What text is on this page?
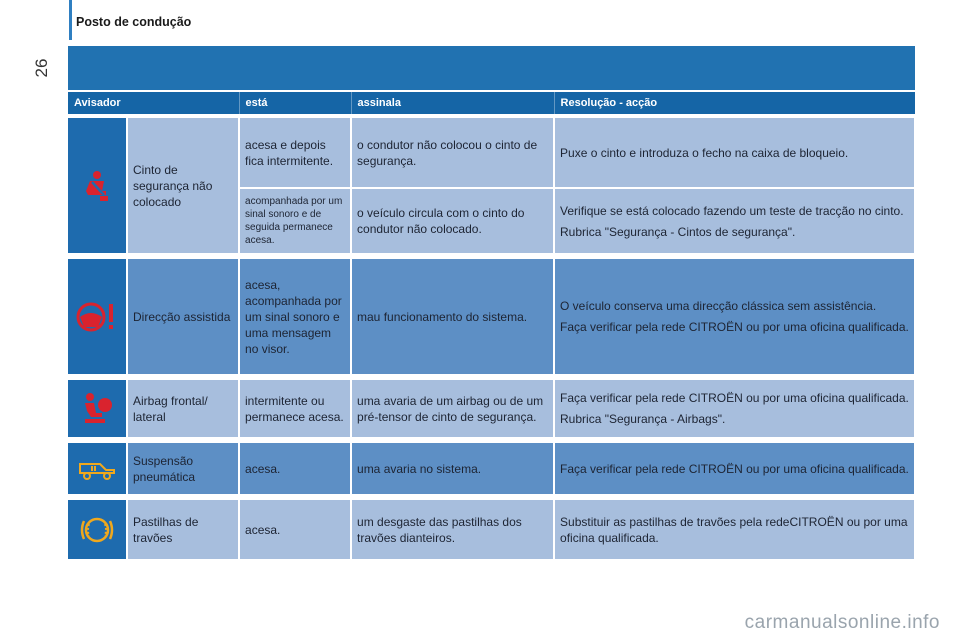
Posto de condução
26
Avisador		está	assinala	Resolução - acção

	Cinto de segurança não colocado	acesa e depois fica intermitente.	o condutor não colocou o cinto de segurança.	Puxe o cinto e introduza o fecho na caixa de bloqueio.

		acompanhada por um sinal sonoro e de seguida permanece acesa.	o veículo circula com o cinto do condutor não colocado.	Verifique se está colocado fazendo um teste de tracção no cinto.

Rubrica "Segurança - Cintos de segurança".

	Direcção assistida	acesa, acompanhada por um sinal sonoro e uma mensagem no visor.	mau funcionamento do sistema.	O veículo conserva uma direcção clássica sem assistência.

Faça verificar pela rede CITROËN ou por uma oficina qualificada.

	Airbag frontal/ lateral	intermitente ou permanece acesa.	uma avaria de um airbag ou de um pré-tensor de cinto de segurança.	Faça verificar pela rede CITROËN ou por uma oficina qualificada.

Rubrica "Segurança - Airbags".

	Suspensão pneumática	acesa.	uma avaria no sistema.	Faça verificar pela rede CITROËN ou por uma oficina qualificada.

	Pastilhas de travões	acesa.	um desgaste das pastilhas dos travões dianteiros.	Substituir as pastilhas de travões pela redeCITROËN ou por uma oficina qualificada.

carmanualsonline.info
